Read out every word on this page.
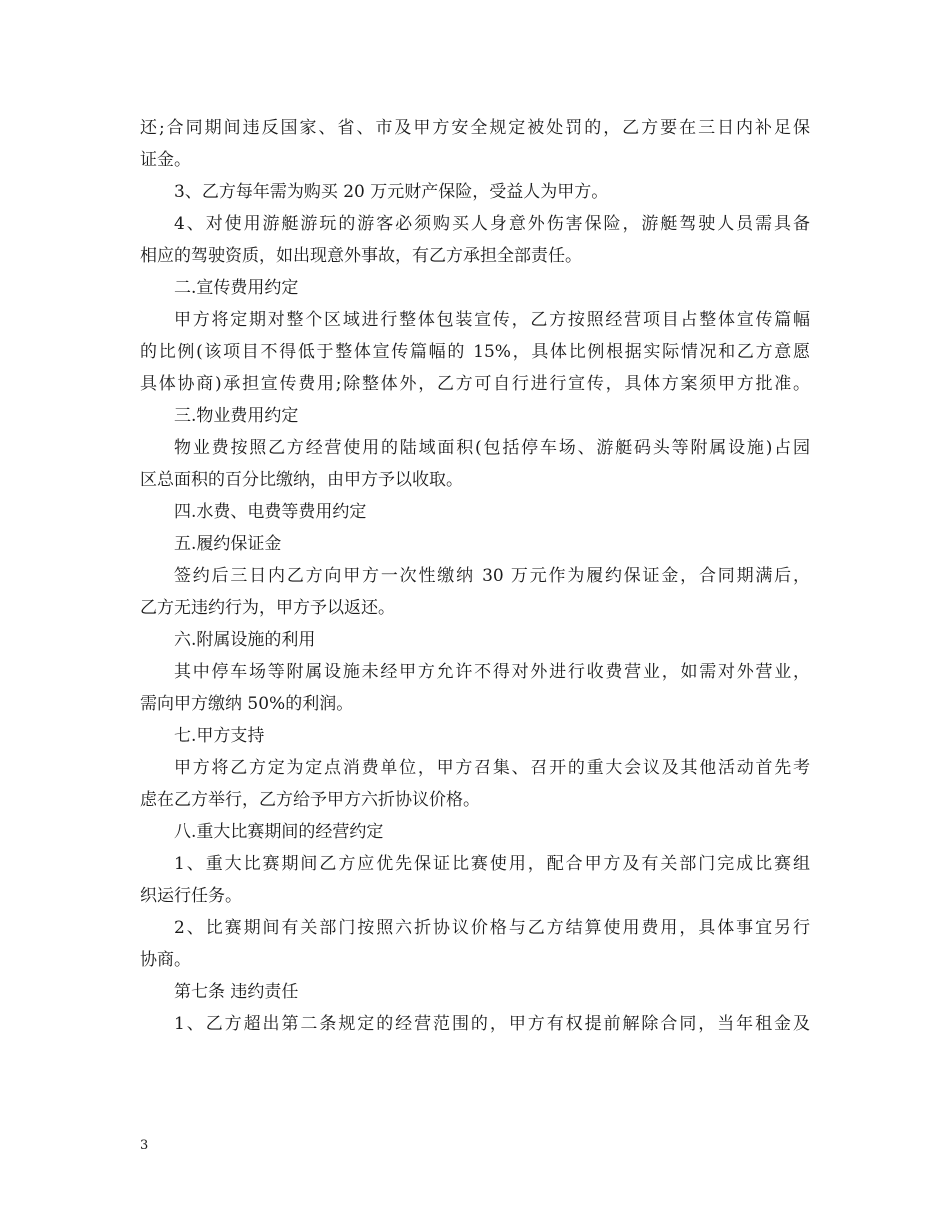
还;合同期间违反国家、省、市及甲方安全规定被处罚的，乙方要在三日内补足保
证金。
3、乙方每年需为购买 20 万元财产保险，受益人为甲方。
4、对使用游艇游玩的游客必须购买人身意外伤害保险，游艇驾驶人员需具备
相应的驾驶资质，如出现意外事故，有乙方承担全部责任。
二.宣传费用约定
甲方将定期对整个区域进行整体包装宣传，乙方按照经营项目占整体宣传篇幅
的比例(该项目不得低于整体宣传篇幅的 15%，具体比例根据实际情况和乙方意愿
具体协商)承担宣传费用;除整体外，乙方可自行进行宣传，具体方案须甲方批准。
三.物业费用约定
物业费按照乙方经营使用的陆域面积(包括停车场、游艇码头等附属设施)占园
区总面积的百分比缴纳，由甲方予以收取。
四.水费、电费等费用约定
五.履约保证金
签约后三日内乙方向甲方一次性缴纳 30 万元作为履约保证金，合同期满后，
乙方无违约行为，甲方予以返还。
六.附属设施的利用
其中停车场等附属设施未经甲方允许不得对外进行收费营业，如需对外营业，
需向甲方缴纳 50%的利润。
七.甲方支持
甲方将乙方定为定点消费单位，甲方召集、召开的重大会议及其他活动首先考
虑在乙方举行，乙方给予甲方六折协议价格。
八.重大比赛期间的经营约定
1、重大比赛期间乙方应优先保证比赛使用，配合甲方及有关部门完成比赛组
织运行任务。
2、比赛期间有关部门按照六折协议价格与乙方结算使用费用，具体事宜另行
协商。
第七条 违约责任
1、乙方超出第二条规定的经营范围的，甲方有权提前解除合同，当年租金及
3
